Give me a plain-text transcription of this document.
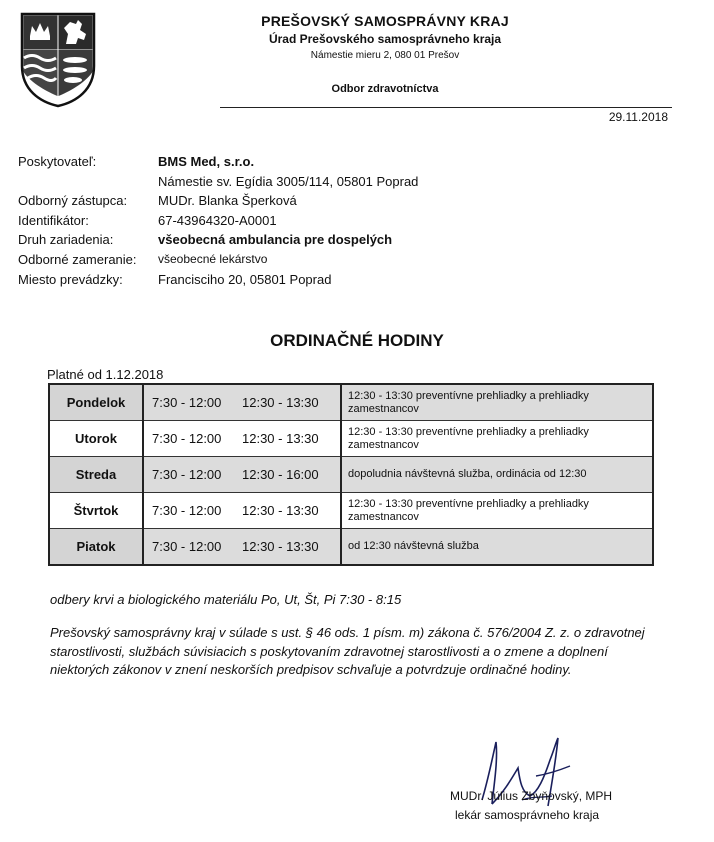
PREŠOVSKÝ SAMOSPRÁVNY KRAJ
Úrad Prešovského samosprávneho kraja
Námestie mieru 2, 080 01 Prešov
Odbor zdravotníctva
29.11.2018
Poskytovateľ:	BMS Med, s.r.o.
Námestie sv. Egídia 3005/114, 05801 Poprad
Odborný zástupca: MUDr. Blanka Šperková
Identifikátor:	67-43964320-A0001
Druh zariadenia:	všeobecná ambulancia pre dospelých
Odborné zameranie: všeobecné lekárstvo
Miesto prevádzky:	Francisciho 20, 05801 Poprad
ORDINAČNÉ HODINY
Platné od 1.12.2018
Pondelok	7:30 - 12:00 12:30 - 13:30	12:30 - 13:30 preventívne prehliadky a prehliadky zamestnancov
Utorok	7:30 - 12:00 12:30 - 13:30	12:30 - 13:30 preventívne prehliadky a prehliadky zamestnancov
Streda	7:30 - 12:00 12:30 - 16:00	dopoludnia návštevná služba, ordinácia od 12:30
Štvrtok	7:30 - 12:00 12:30 - 13:30	12:30 - 13:30 preventívne prehliadky a prehliadky zamestnancov
Piatok	7:30 - 12:00 12:30 - 13:30	od 12:30 návštevná služba
odbery krvi a biologického materiálu Po, Ut, Št, Pi 7:30 - 8:15
Prešovský samosprávny kraj v súlade s ust. § 46 ods. 1 písm. m) zákona č. 576/2004 Z. z. o zdravotnej starostlivosti, službách súvisiacich s poskytovaním zdravotnej starostlivosti a o zmene a doplnení niektorých zákonov v znení neskorších predpisov schvaľuje a potvrdzuje ordinačné hodiny.
MUDr. Július Zbyňovský, MPH
lekár samosprávneho kraja
